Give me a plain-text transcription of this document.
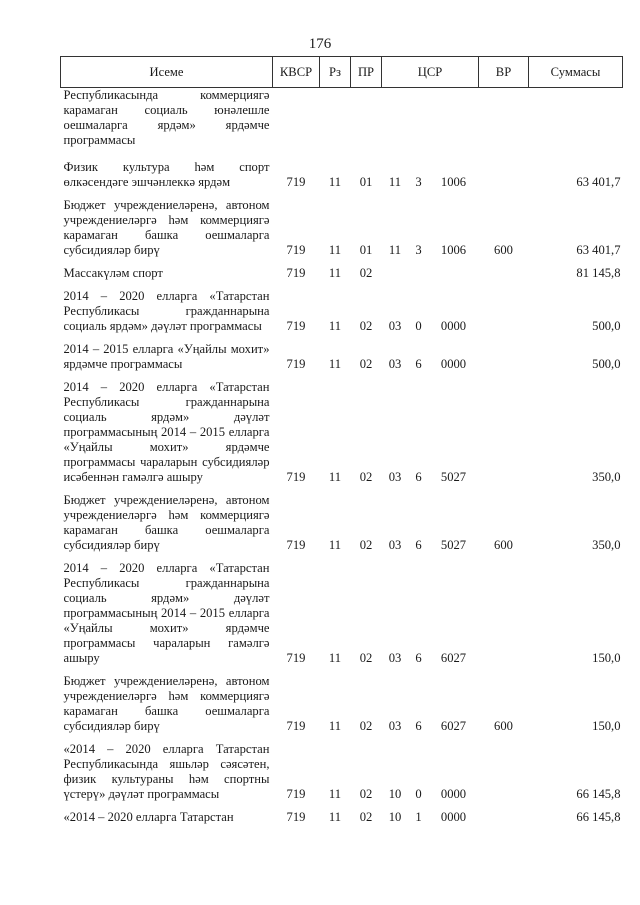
176
Исеме	КВСР	Рз	ПР	ЦСР			ВР	Суммасы
Республикасында коммерциягә карамаган социаль юнәлешле оешмаларга ярдәм» ярдәмче программасы								
Физик культура һәм спорт өлкәсендәге эшчәнлеккә ярдәм	719	11	01	11	3	1006		63 401,7
Бюджет учреждениеләренә, автоном учреждениеләргә һәм коммерциягә карамаган башка оешмаларга субсидияләр бирү	719	11	01	11	3	1006	600	63 401,7
Массакүләм спорт	719	11	02					81 145,8
2014 – 2020 елларга «Татарстан Республикасы гражданнарына социаль ярдәм» дәүләт программасы	719	11	02	03	0	0000		500,0
2014 – 2015 елларга «Уңайлы мохит» ярдәмче программасы	719	11	02	03	6	0000		500,0
2014 – 2020 елларга «Татарстан Республикасы гражданнарына социаль ярдәм» дәүләт программасының 2014 – 2015 елларга «Уңайлы мохит» ярдәмче программасы чараларын субсидияләр исәбеннән гамәлгә ашыру	719	11	02	03	6	5027		350,0
Бюджет учреждениеләренә, автоном учреждениеләргә һәм коммерциягә карамаган башка оешмаларга субсидияләр бирү	719	11	02	03	6	5027	600	350,0
2014 – 2020 елларга «Татарстан Республикасы гражданнарына социаль ярдәм» дәүләт программасының 2014 – 2015 елларга «Уңайлы мохит» ярдәмче программасы чараларын гамәлгә ашыру	719	11	02	03	6	6027		150,0
Бюджет учреждениеләренә, автоном учреждениеләргә һәм коммерциягә карамаган башка оешмаларга субсидияләр бирү	719	11	02	03	6	6027	600	150,0
«2014 – 2020 елларга Татарстан Республикасында яшьләр сәясәтен, физик культураны һәм спортны үстерү» дәүләт программасы	719	11	02	10	0	0000		66 145,8
«2014 – 2020 елларга Татарстан	719	11	02	10	1	0000		66 145,8
